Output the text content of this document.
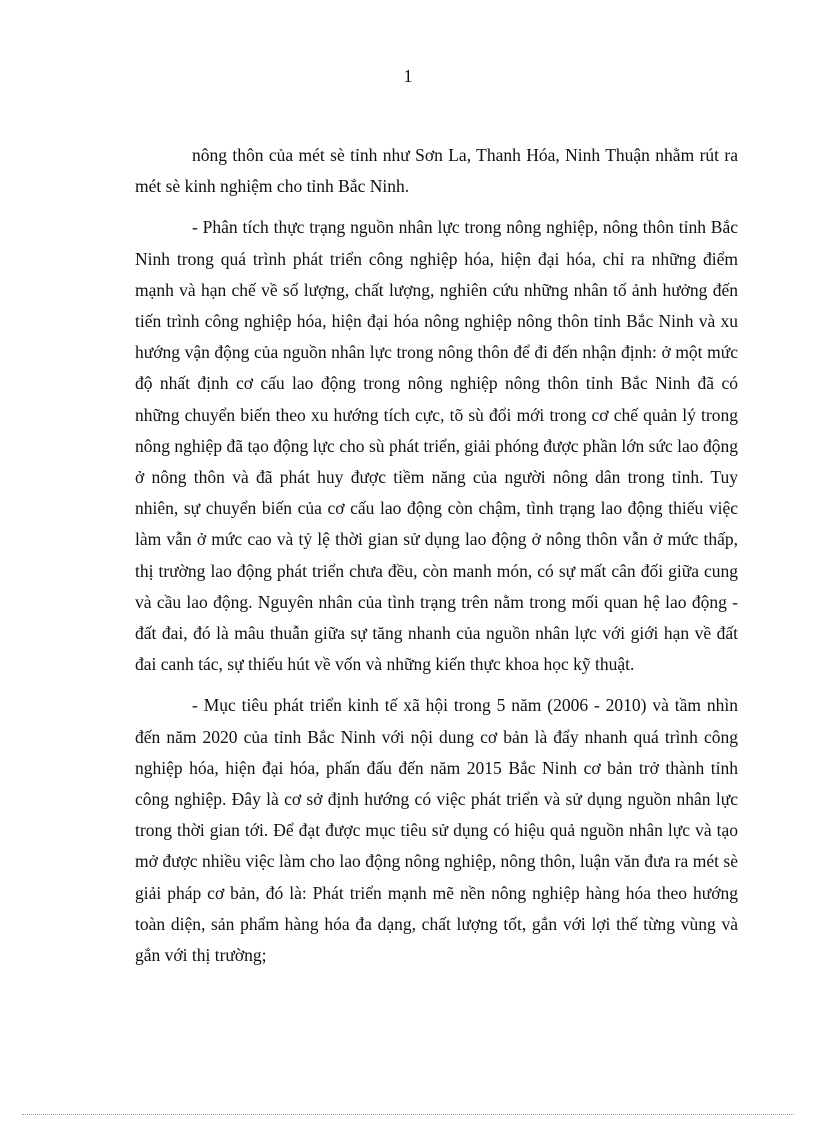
1

nông thôn của mét sè tỉnh như Sơn La, Thanh Hóa, Ninh Thuận nhằm rút ra mét sè kinh nghiệm cho tỉnh Bắc Ninh.

- Phân tích thực trạng nguồn nhân lực trong nông nghiệp, nông thôn tỉnh Bắc Ninh trong quá trình phát triển công nghiệp hóa, hiện đại hóa, chỉ ra những điểm mạnh và hạn chế về số lượng, chất lượng, nghiên cứu những nhân tố ảnh hưởng đến tiến trình công nghiệp hóa, hiện đại hóa nông nghiệp nông thôn tỉnh Bắc Ninh và xu hướng vận động của nguồn nhân lực trong nông thôn để đi đến nhận định: ở một mức độ nhất định cơ cấu lao động trong nông nghiệp nông thôn tỉnh Bắc Ninh đã có những chuyển biến theo xu hướng tích cực, tõ sù đổi mới trong cơ chế quản lý trong nông nghiệp đã tạo động lực cho sù phát triển, giải phóng được phần lớn sức lao động ở nông thôn và đã phát huy được tiềm năng của người nông dân trong tỉnh. Tuy nhiên, sự chuyển biến của cơ cấu lao động còn chậm, tình trạng lao động thiếu việc làm vẫn ở mức cao và tỷ lệ thời gian sử dụng lao động ở nông thôn vẫn ở mức thấp, thị trường lao động phát triển chưa đều, còn manh món, có sự mất cân đối giữa cung và cầu lao động. Nguyên nhân của tình trạng trên nằm trong mối quan hệ lao động - đất đai, đó là mâu thuẫn giữa sự tăng nhanh của nguồn nhân lực với giới hạn về đất đai canh tác, sự thiếu hút về vốn và những kiến thực khoa học kỹ thuật.

- Mục tiêu phát triển kinh tế xã hội trong 5 năm (2006 - 2010) và tầm nhìn đến năm 2020 của tỉnh Bắc Ninh với nội dung cơ bản là đẩy nhanh quá trình công nghiệp hóa, hiện đại hóa, phấn đấu đến năm 2015 Bắc Ninh cơ bản trở thành tỉnh công nghiệp. Đây là cơ sở định hướng có việc phát triển và sử dụng nguồn nhân lực trong thời gian tới. Để đạt được mục tiêu sử dụng có hiệu quả nguồn nhân lực và tạo mở được nhiều việc làm cho lao động nông nghiệp, nông thôn, luận văn đưa ra mét sè giải pháp cơ bản, đó là: Phát triển mạnh mẽ nền nông nghiệp hàng hóa theo hướng toàn diện, sản phẩm hàng hóa đa dạng, chất lượng tốt, gắn với lợi thế từng vùng và gắn với thị trường;
